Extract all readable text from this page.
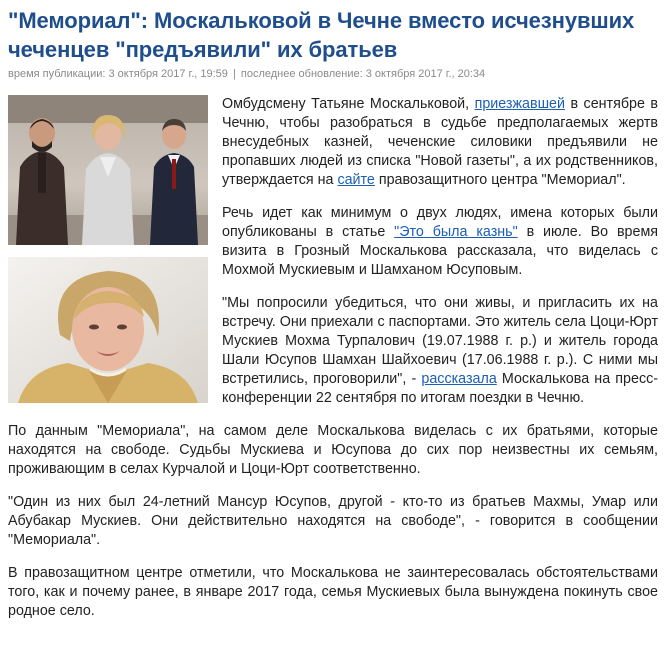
"Мемориал": Москальковой в Чечне вместо исчезнувших чеченцев "предъявили" их братьев
время публикации: 3 октября 2017 г., 19:59 | последнее обновление: 3 октября 2017 г., 20:34

Омбудсмену Татьяне Москальковой, приезжавшей в сентябре в Чечню, чтобы разобраться в судьбе предполагаемых жертв внесудебных казней, чеченские силовики предъявили не пропавших людей из списка "Новой газеты", а их родственников, утверждается на сайте правозащитного центра "Мемориал".

Речь идет как минимум о двух людях, имена которых были опубликованы в статье "Это была казнь" в июле. Во время визита в Грозный Москалькова рассказала, что виделась с Мохмой Мускиевым и Шамханом Юсуповым.

"Мы попросили убедиться, что они живы, и пригласить их на встречу. Они приехали с паспортами. Это житель села Цоци-Юрт Мускиев Мохма Турпалович (19.07.1988 г. р.) и житель города Шали Юсупов Шамхан Шайхоевич (17.06.1988 г. р.). С ними мы встретились, проговорили", - рассказала Москалькова на пресс-конференции 22 сентября по итогам поездки в Чечню.

По данным "Мемориала", на самом деле Москалькова виделась с их братьями, которые находятся на свободе. Судьбы Мускиева и Юсупова до сих пор неизвестны их семьям, проживающим в селах Курчалой и Цоци-Юрт соответственно.

"Один из них был 24-летний Мансур Юсупов, другой - кто-то из братьев Махмы, Умар или Абубакар Мускиев. Они действительно находятся на свободе", - говорится в сообщении "Мемориала".

В правозащитном центре отметили, что Москалькова не заинтересовалась обстоятельствами того, как и почему ранее, в январе 2017 года, семья Мускиевых была вынуждена покинуть свое родное село.
